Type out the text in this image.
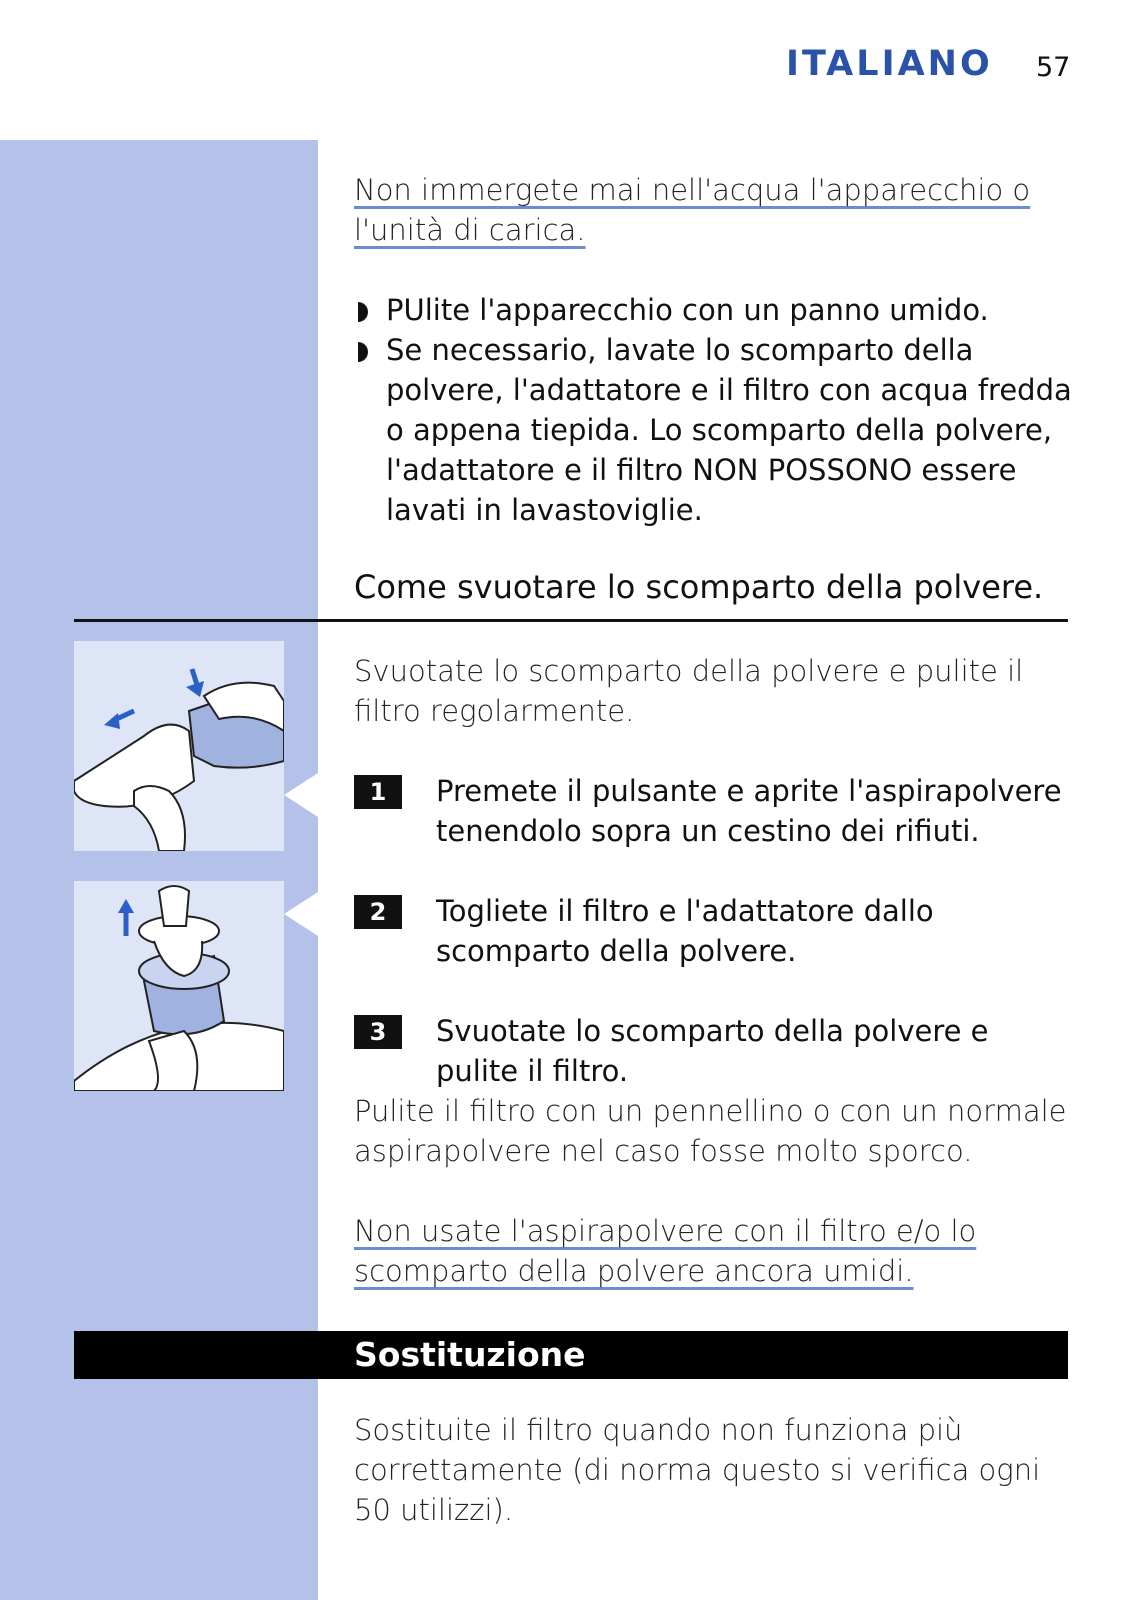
ITALIANO 57
Non immergete mai nell'acqua l'apparecchio o
l'unità di carica.
PUlite l'apparecchio con un panno umido.
Se necessario, lavate lo scomparto della polvere, l'adattatore e il filtro con acqua fredda o appena tiepida. Lo scomparto della polvere, l'adattatore e il filtro NON POSSONO essere lavati in lavastoviglie.
Come svuotare lo scomparto della polvere.
Svuotate lo scomparto della polvere e pulite il filtro regolarmente.
1	Premete il pulsante e aprite l'aspirapolvere tenendolo sopra un cestino dei rifiuti.
2	Togliete il filtro e l'adattatore dallo scomparto della polvere.
3	Svuotate lo scomparto della polvere e pulite il filtro.
Pulite il filtro con un pennellino o con un normale aspirapolvere nel caso fosse molto sporco.
Non usate l'aspirapolvere con il filtro e/o lo
scomparto della polvere ancora umidi.
Sostituzione
Sostituite il filtro quando non funziona più correttamente (di norma questo si verifica ogni 50 utilizzi).
